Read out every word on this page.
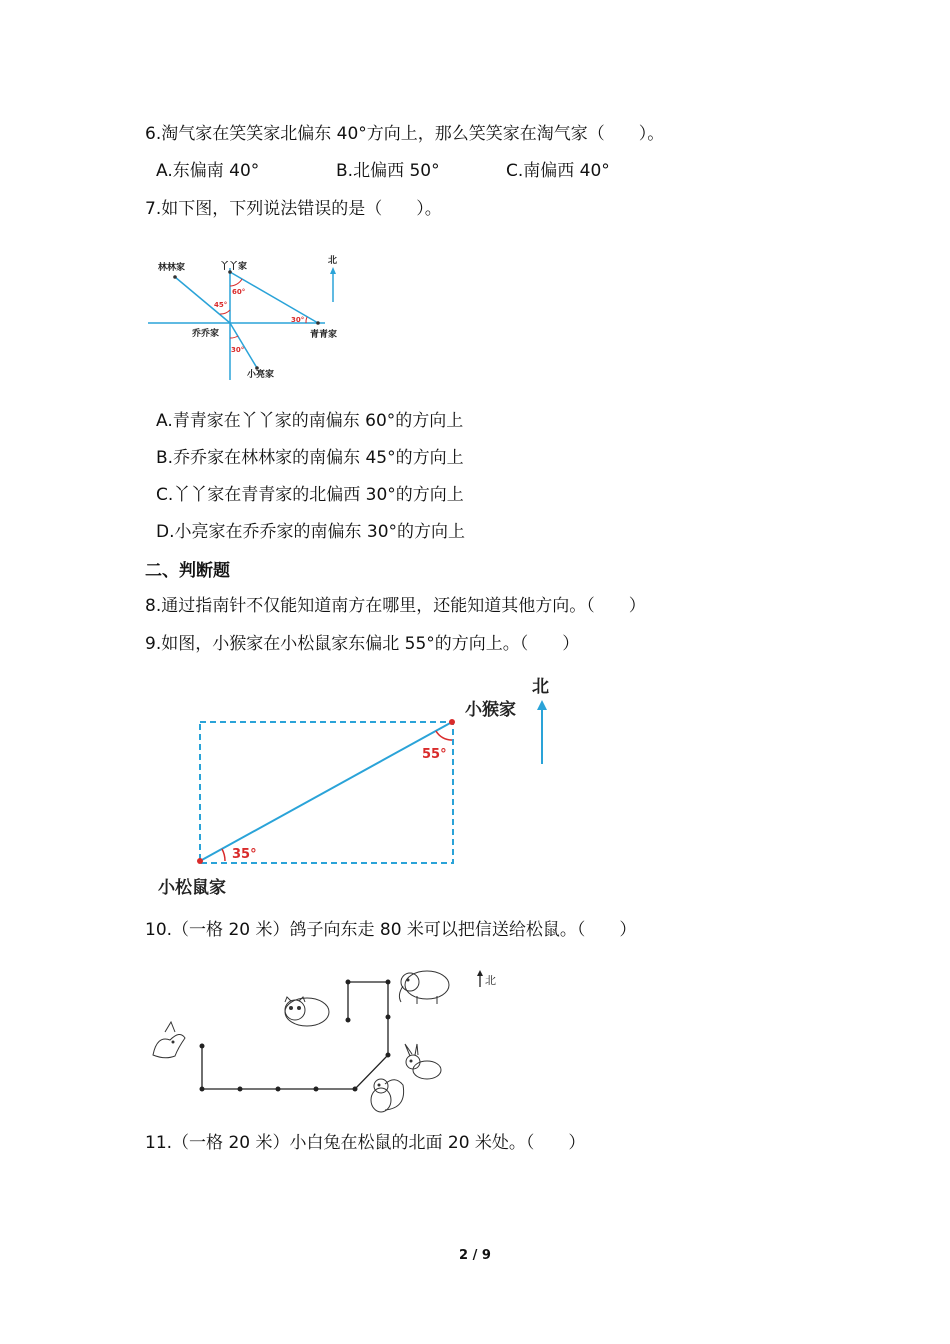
6.淘气家在笑笑家北偏东 40°方向上，那么笑笑家在淘气家（　　）。
A.东偏南 40°	B.北偏西 50°	C.南偏西 40°
7.如下图，下列说法错误的是（　　）。
林林家	丫丫家
乔乔家	青青家
小亮家
60°
45°
30°
30°
北
A.青青家在丫丫家的南偏东 60°的方向上
B.乔乔家在林林家的南偏东 45°的方向上
C.丫丫家在青青家的北偏西 30°的方向上
D.小亮家在乔乔家的南偏东 30°的方向上
二、判断题
8.通过指南针不仅能知道南方在哪里，还能知道其他方向。（　　）
9.如图，小猴家在小松鼠家东偏北 55°的方向上。（　　）
35°
55°
小猴家
小松鼠家
北
10.（一格 20 米）鸽子向东走 80 米可以把信送给松鼠。（　　）
北
11.（一格 20 米）小白兔在松鼠的北面 20 米处。（　　）
2 / 9
